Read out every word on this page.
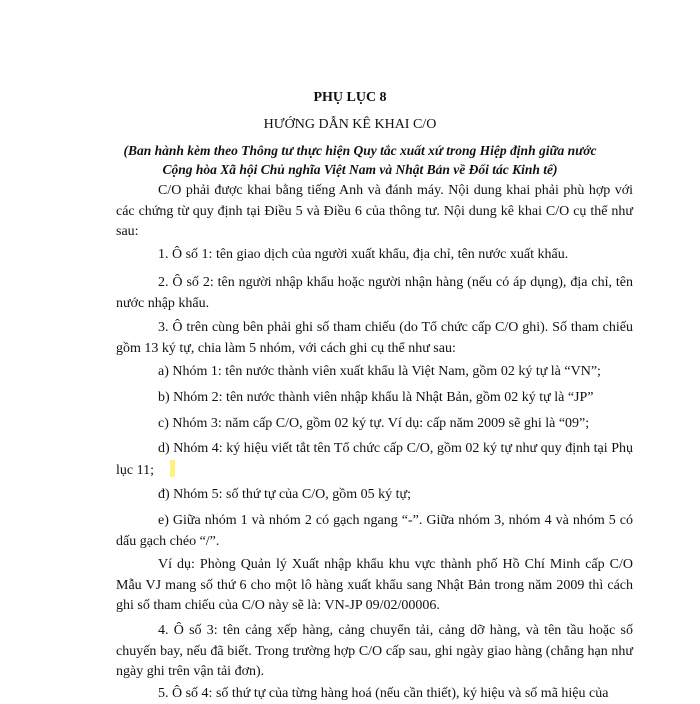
PHỤ LỤC 8
HƯỚNG DẪN KÊ KHAI C/O
(Ban hành kèm theo Thông tư thực hiện Quy tắc xuất xứ trong Hiệp định giữa nước Cộng hòa Xã hội Chủ nghĩa Việt Nam và Nhật Bản về Đối tác Kinh tế)
C/O phải được khai bằng tiếng Anh và đánh máy. Nội dung khai phải phù hợp với các chứng từ quy định tại Điều 5 và Điều 6 của thông tư. Nội dung kê khai C/O cụ thể như sau:
1. Ô số 1: tên giao dịch của người xuất khẩu, địa chỉ, tên nước xuất khẩu.
2. Ô số 2: tên người nhập khẩu hoặc người nhận hàng (nếu có áp dụng), địa chỉ, tên nước nhập khẩu.
3. Ô trên cùng bên phải ghi số tham chiếu (do Tổ chức cấp C/O ghi). Số tham chiếu gồm 13 ký tự, chia làm 5 nhóm, với cách ghi cụ thể như sau:
a) Nhóm 1: tên nước thành viên xuất khẩu là Việt Nam, gồm 02 ký tự là “VN”;
b) Nhóm 2: tên nước thành viên nhập khẩu là Nhật Bản, gồm 02 ký tự là “JP”
c) Nhóm 3: năm cấp C/O, gồm 02 ký tự. Ví dụ: cấp năm 2009 sẽ ghi là “09”;
d) Nhóm 4: ký hiệu viết tắt tên Tổ chức cấp C/O, gồm 02 ký tự như quy định tại Phụ lục 11;
đ) Nhóm 5: số thứ tự của C/O, gồm 05 ký tự;
e) Giữa nhóm 1 và nhóm 2 có gạch ngang “-”. Giữa nhóm 3, nhóm 4 và nhóm 5 có dấu gạch chéo “/”.
Ví dụ: Phòng Quản lý Xuất nhập khẩu khu vực thành phố Hồ Chí Minh cấp C/O Mẫu VJ mang số thứ 6 cho một lô hàng xuất khẩu sang Nhật Bản trong năm 2009 thì cách ghi số tham chiếu của C/O này sẽ là: VN-JP 09/02/00006.
4. Ô số 3: tên cảng xếp hàng, cảng chuyển tải, cảng dỡ hàng, và tên tầu hoặc số chuyến bay, nếu đã biết. Trong trường hợp C/O cấp sau, ghi ngày giao hàng (chẳng hạn như ngày ghi trên vận tải đơn).
5. Ô số 4: số thứ tự của từng hàng hoá (nếu cần thiết), ký hiệu và số mã hiệu của
